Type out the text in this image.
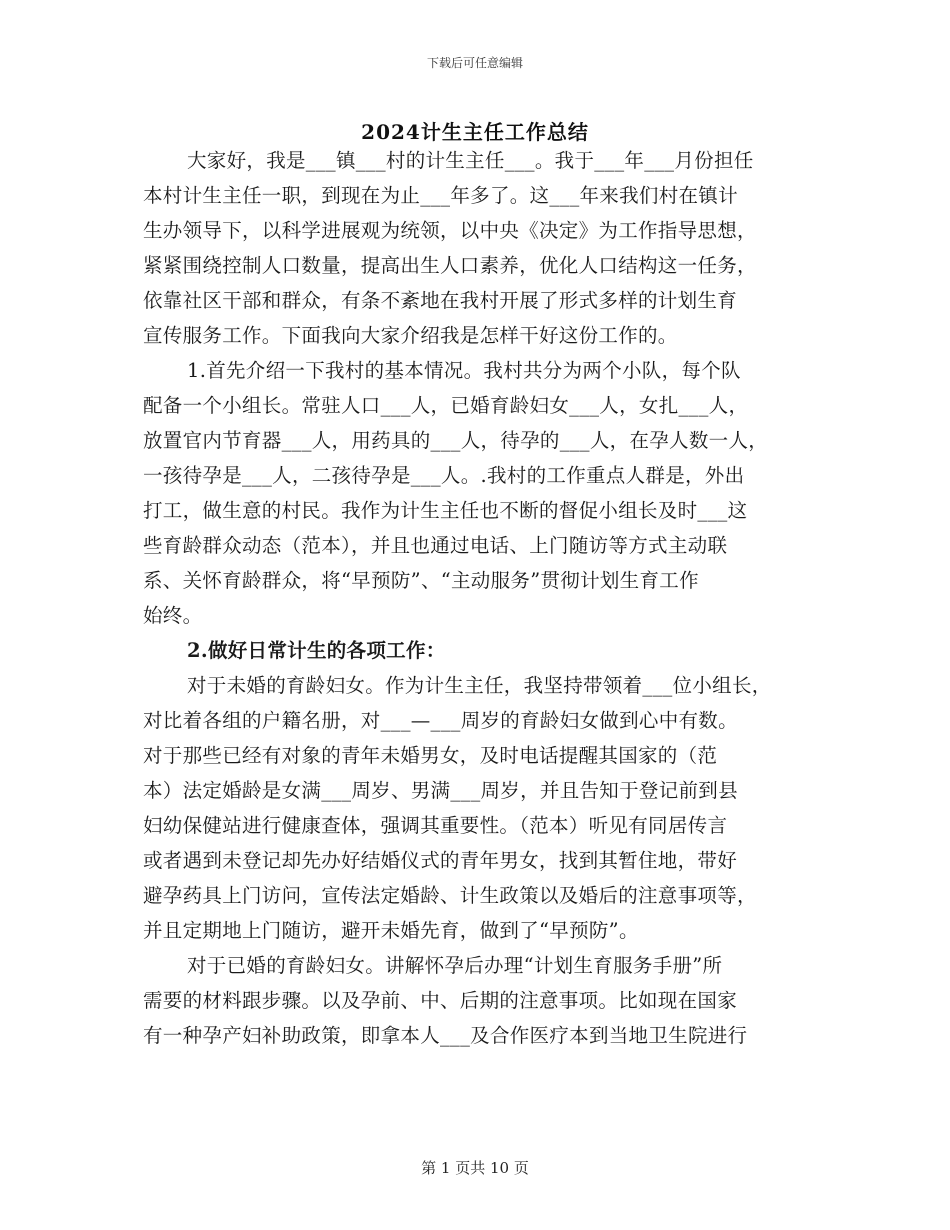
下载后可任意编辑
2024计生主任工作总结
大家好，我是___镇___村的计生主任___。我于___年___月份担任
本村计生主任一职，到现在为止___年多了。这___年来我们村在镇计
生办领导下，以科学进展观为统领，以中央《决定》为工作指导思想，
紧紧围绕控制人口数量，提高出生人口素养，优化人口结构这一任务，
依靠社区干部和群众，有条不紊地在我村开展了形式多样的计划生育
宣传服务工作。下面我向大家介绍我是怎样干好这份工作的。
1.首先介绍一下我村的基本情况。我村共分为两个小队，每个队
配备一个小组长。常驻人口___人，已婚育龄妇女___人，女扎___人，
放置官内节育器___人，用药具的___人，待孕的___人，在孕人数一人，
一孩待孕是___人，二孩待孕是___人。.我村的工作重点人群是，外出
打工，做生意的村民。我作为计生主任也不断的督促小组长及时___这
些育龄群众动态（范本），并且也通过电话、上门随访等方式主动联
系、关怀育龄群众，将“早预防”、“主动服务”贯彻计划生育工作
始终。
2.做好日常计生的各项工作：
对于未婚的育龄妇女。作为计生主任，我坚持带领着___位小组长，
对比着各组的户籍名册，对___—___周岁的育龄妇女做到心中有数。
对于那些已经有对象的青年未婚男女，及时电话提醒其国家的（范
本）法定婚龄是女满___周岁、男满___周岁，并且告知于登记前到县
妇幼保健站进行健康查体，强调其重要性。（范本）听见有同居传言
或者遇到未登记却先办好结婚仪式的青年男女，找到其暂住地，带好
避孕药具上门访问，宣传法定婚龄、计生政策以及婚后的注意事项等，
并且定期地上门随访，避开未婚先育，做到了“早预防”。
对于已婚的育龄妇女。讲解怀孕后办理“计划生育服务手册”所
需要的材料跟步骤。以及孕前、中、后期的注意事项。比如现在国家
有一种孕产妇补助政策，即拿本人___及合作医疗本到当地卫生院进行
第 1 页共 10 页
